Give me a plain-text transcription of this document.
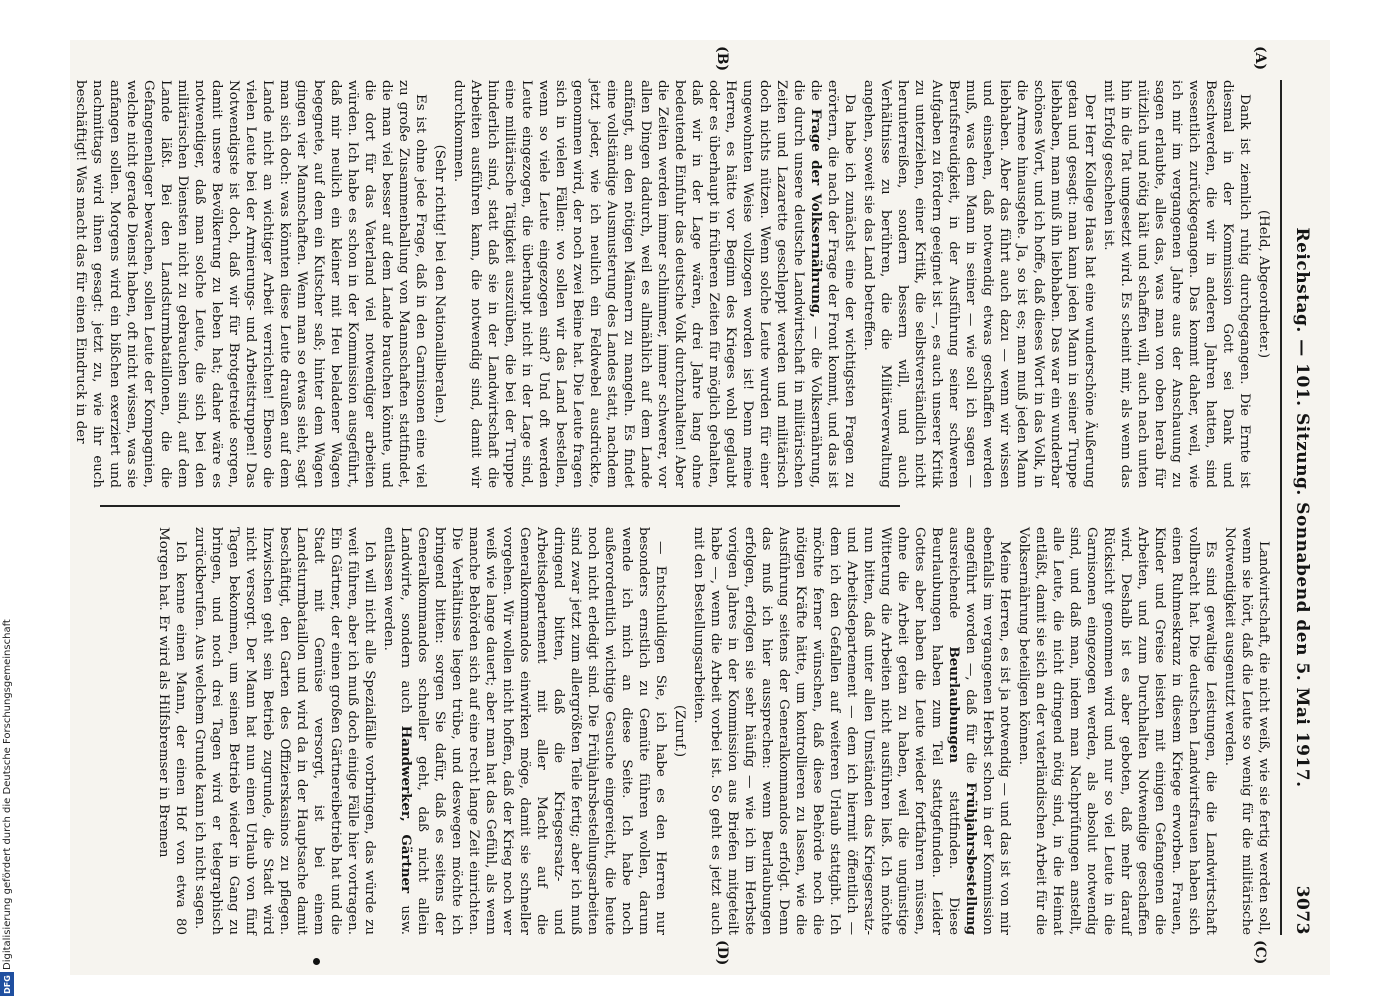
Digitalisierung gefördert durch die Deutsche Forschungsgemeinschaft
DFG
Reichstag. — 101. Sitzung. Sonnabend den 5. Mai 1917.
3073
(A)
(B)
(C)
(D)

(Held, Abgeordneter.)

Dank ist ziemlich ruhig durchgegangen. Die Ernte ist diesmal in der Kommission Gott sei Dank und Beschwerden, die wir in anderen Jahren hatten, sind wesentlich zurückgegangen. Das kommt daher, weil, wie ich mir im vergangenen Jahre aus der Anschauung zu sagen erlaubte, alles das, was man von oben herab für nützlich und nötig hält und schaffen will, auch nach unten hin in die Tat umgesetzt wird. Es scheint mir, als wenn das mit Erfolg geschehen ist.

Der Herr Kollege Haas hat eine wunderschöne Äußerung getan und gesagt: man kann jeden Mann in seiner Truppe liebhaben, man muß ihn liebhaben. Das war ein wunderbar schönes Wort, und ich hoffe, daß dieses Wort in das Volk, in die Armee hinausgehe. Ja, so ist es; man muß jeden Mann liebhaben. Aber das führt auch dazu — wenn wir wissen und einsehen, daß notwendig etwas geschaffen werden muß, was dem Mann in seiner — wie soll ich sagen — Berufsfreudigkeit, in der Ausführung seiner schweren Aufgaben zu fördern geeignet ist —, es auch unserer Kritik zu unterziehen, einer Kritik, die selbstverständlich nicht herunterreißen, sondern bessern will, und auch Verhältnisse zu berühren, die die Militärverwaltung angehen, soweit sie das Land betreffen.

Da habe ich zunächst eine der wichtigsten Fragen zu erörtern, die nach der Frage der Front kommt, und das ist die Frage der Volksernährung, — die Volksernährung, die durch unsere deutsche Landwirtschaft in militärischen Zeiten und Lazarette geschleppt werden und militärisch doch nichts nützen. Wenn solche Leute wurden für einer ungewohnten Weise vollzogen worden ist! Denn meine Herren, es hätte vor Beginn des Krieges wohl geglaubt oder es überhaupt in früheren Zeiten für möglich gehalten, daß wir in der Lage wären, drei Jahre lang ohne bedeutende Einfuhr das deutsche Volk durchzuhalten! Aber die Zeiten werden immer schlimmer, immer schwerer, vor allen Dingen dadurch, weil es allmählich auf dem Lande anfängt, an den nötigen Männern zu mangeln. Es findet eine vollständige Ausmusterung des Landes statt, nachdem jetzt jeder, wie ich neulich ein Feldwebel ausdrückte, genommen wird, der noch zwei Beine hat. Die Leute fragen sich in vielen Fällen: wo sollen wir das Land bestellen, wenn so viele Leute eingezogen sind? Und oft werden Leute eingezogen, die überhaupt nicht in der Lage sind, eine militärische Tätigkeit auszuüben, die bei der Truppe hinderlich sind, statt daß sie in der Landwirtschaft die Arbeiten ausführen kann, die notwendig sind, damit wir durchkommen.

(Sehr richtig! bei den Nationalliberalen.)

Es ist ohne jede Frage, daß in den Garnisonen eine viel zu große Zusammenballung von Mannschaften stattfindet, die man viel besser auf dem Lande brauchen könnte, und die dort für das Vaterland viel notwendiger arbeiten würden. Ich habe es schon in der Kommission ausgeführt, daß mir neulich ein kleiner mit Heu beladener Wagen begegnete, auf dem ein Kutscher saß; hinter dem Wagen gingen vier Mannschaften. Wenn man so etwas sieht, sagt man sich doch: was könnten diese Leute draußen auf dem Lande nicht an wichtiger Arbeit verrichten! Ebenso die vielen Leute bei der Armierungs- und Arbeitstruppen! Das Notwendigste ist doch, daß wir für Brotgetreide sorgen, damit unsere Bevölkerung zu leben hat; daher wäre es notwendiger, daß man solche Leute, die sich bei den militärischen Diensten nicht zu gebrauchen sind, auf dem Lande läßt. Bei den Landsturmbataillonen, die die Gefangenenlager bewachen, sollen Leute der Kompagnien, welche nicht gerade Dienst haben, oft nicht wissen, was sie anfangen sollen. Morgens wird ein bißchen exerziert und nachmittags wird ihnen gesagt: jetzt zu, wie ihr euch beschäftigt! Was macht das für einen Eindruck in der

Landwirtschaft, die nicht weiß, wie sie fertig werden soll, wenn sie hört, daß die Leute so wenig für die militärische Notwendigkeit ausgenutzt werden.

Es sind gewaltige Leistungen, die die Landwirtschaft vollbracht hat. Die deutschen Landwirtsfrauen haben sich einen Ruhmeskranz in diesem Kriege erworben. Frauen, Kinder und Greise leisten mit einigen Gefangenen die Arbeiten, und zum Durchhalten Notwendige geschaffen wird. Deshalb ist es aber geboten, daß mehr darauf Rücksicht genommen wird und nur so viel Leute in die Garnisonen eingezogen werden, als absolut notwendig sind, und daß man, indem man Nachprüfungen anstellt, alle Leute, die nicht dringend nötig sind, in die Heimat entläßt, damit sie sich an der vaterländischen Arbeit für die Volksernährung beteiligen können.

Meine Herren, es ist ja notwendig — und das ist von mir ebenfalls im vergangenen Herbst schon in der Kommission angeführt worden —, daß für die Frühjahrsbestellung ausreichende Beurlaubungen stattfinden. Diese Beurlaubungen haben zum Teil stattgefunden. Leider Gottes aber haben die Leute wieder fortfahren müssen, ohne die Arbeit getan zu haben, weil die ungünstige Witterung die Arbeiten nicht ausführen ließ. Ich möchte nun bitten, daß unter allen Umständen das Kriegsersatz- und Arbeitsdepartement — dem ich hiermit öffentlich — dem ich den Gefallen auf weiteren Urlaub stattgibt. Ich möchte ferner wünschen, daß diese Behörde noch die nötigen Kräfte hätte, um kontrollieren zu lassen, wie die Ausführung seitens der Generalkommandos erfolgt. Denn das muß ich hier aussprechen: wenn Beurlaubungen erfolgen, erfolgen sie sehr häufig — wie ich im Herbste vorigen Jahres in der Kommission aus Briefen mitgeteilt habe —, wenn die Arbeit vorbei ist. So geht es jetzt auch mit den Bestellungsarbeiten.

(Zuruf.)

— Entschuldigen Sie, ich habe es den Herren nur besonders ernstlich zu Gemüte führen wollen, darum wende ich mich an diese Seite. Ich habe noch außerordentlich wichtige Gesuche eingereicht, die heute noch nicht erledigt sind. Die Frühjahrsbestellungsarbeiten sind zwar jetzt zum allergrößten Teile fertig; aber ich muß dringend bitten, daß die Kriegsersatz- und Arbeitsdepartement mit aller Macht auf die Generalkommandos einwirken möge, damit sie schneller vorgehen. Wir wollen nicht hoffen, daß der Krieg noch wer weiß wie lange dauert; aber man hat das Gefühl, als wenn manche Behörden sich auf eine recht lange Zeit einrichten. Die Verhältnisse liegen trübe, und deswegen möchte ich bringend bitten: sorgen Sie dafür, daß es seitens der Generalkommandos schneller geht, daß nicht allein Landwirte, sondern auch Handwerker, Gärtner usw. entlassen werden.

Ich will nicht alle Spezialfälle vorbringen, das würde zu weit führen, aber ich muß doch einige Fälle hier vortragen. Ein Gärtner, der einen großen Gärtnereibetrieb hat und die Stadt mit Gemüse versorgt, ist bei einem Landsturmbataillon und wird da in der Hauptsache damit beschäftigt, den Garten des Offizierskasinos zu pflegen. Inzwischen geht sein Betrieb zugrunde, die Stadt wird nicht versorgt. Der Mann hat nun einen Urlaub von fünf Tagen bekommen, um seinen Betrieb wieder in Gang zu bringen, und noch drei Tagen wird er telegraphisch zurückberufen. Aus welchem Grunde kann ich nicht sagen.

Ich kenne einen Mann, der einen Hof von etwa 80 Morgen hat. Er wird als Hilfsbremser in Bremen
